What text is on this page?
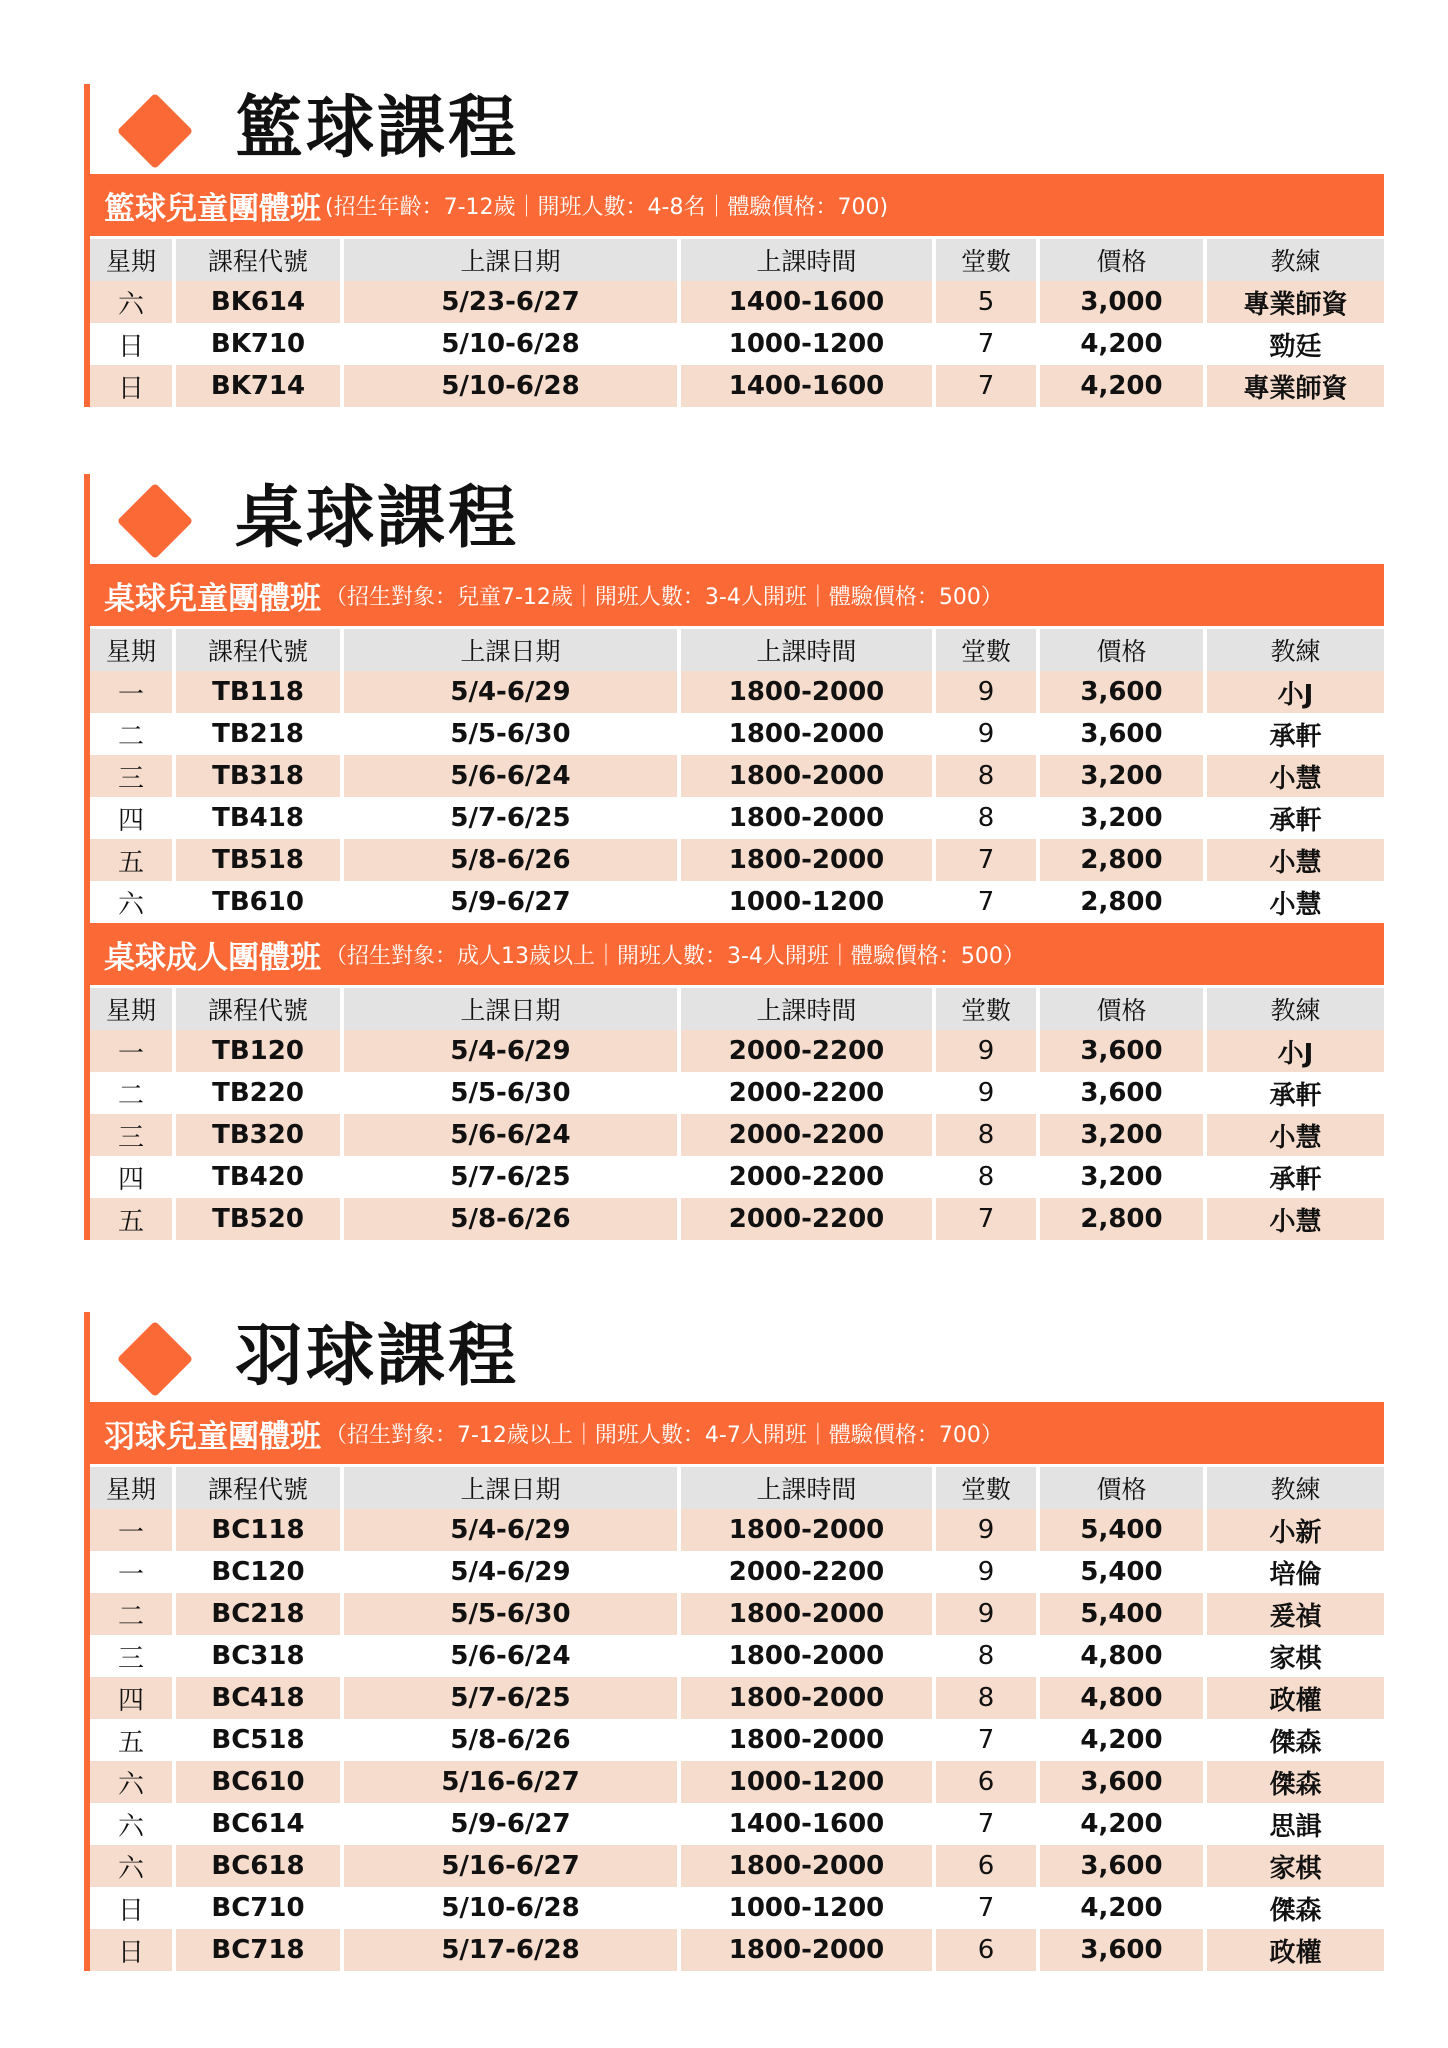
籃球課程
籃球兒童團體班 (招生年齡：7-12歲｜開班人數：4-8名｜體驗價格：700)
星期	課程代號	上課日期	上課時間	堂數	價格	教練
六	BK614	5/23-6/27	1400-1600	5	3,000	專業師資
日	BK710	5/10-6/28	1000-1200	7	4,200	勁廷
日	BK714	5/10-6/28	1400-1600	7	4,200	專業師資
桌球課程
桌球兒童團體班 （招生對象：兒童7-12歲｜開班人數：3-4人開班｜體驗價格：500）
星期	課程代號	上課日期	上課時間	堂數	價格	教練
一	TB118	5/4-6/29	1800-2000	9	3,600	小J
二	TB218	5/5-6/30	1800-2000	9	3,600	承軒
三	TB318	5/6-6/24	1800-2000	8	3,200	小慧
四	TB418	5/7-6/25	1800-2000	8	3,200	承軒
五	TB518	5/8-6/26	1800-2000	7	2,800	小慧
六	TB610	5/9-6/27	1000-1200	7	2,800	小慧
桌球成人團體班 （招生對象：成人13歲以上｜開班人數：3-4人開班｜體驗價格：500）
星期	課程代號	上課日期	上課時間	堂數	價格	教練
一	TB120	5/4-6/29	2000-2200	9	3,600	小J
二	TB220	5/5-6/30	2000-2200	9	3,600	承軒
三	TB320	5/6-6/24	2000-2200	8	3,200	小慧
四	TB420	5/7-6/25	2000-2200	8	3,200	承軒
五	TB520	5/8-6/26	2000-2200	7	2,800	小慧
羽球課程
羽球兒童團體班 （招生對象：7-12歲以上｜開班人數：4-7人開班｜體驗價格：700）
星期	課程代號	上課日期	上課時間	堂數	價格	教練
一	BC118	5/4-6/29	1800-2000	9	5,400	小新
一	BC120	5/4-6/29	2000-2200	9	5,400	培倫
二	BC218	5/5-6/30	1800-2000	9	5,400	爰禎
三	BC318	5/6-6/24	1800-2000	8	4,800	家棋
四	BC418	5/7-6/25	1800-2000	8	4,800	政權
五	BC518	5/8-6/26	1800-2000	7	4,200	傑森
六	BC610	5/16-6/27	1000-1200	6	3,600	傑森
六	BC614	5/9-6/27	1400-1600	7	4,200	思諿
六	BC618	5/16-6/27	1800-2000	6	3,600	家棋
日	BC710	5/10-6/28	1000-1200	7	4,200	傑森
日	BC718	5/17-6/28	1800-2000	6	3,600	政權
